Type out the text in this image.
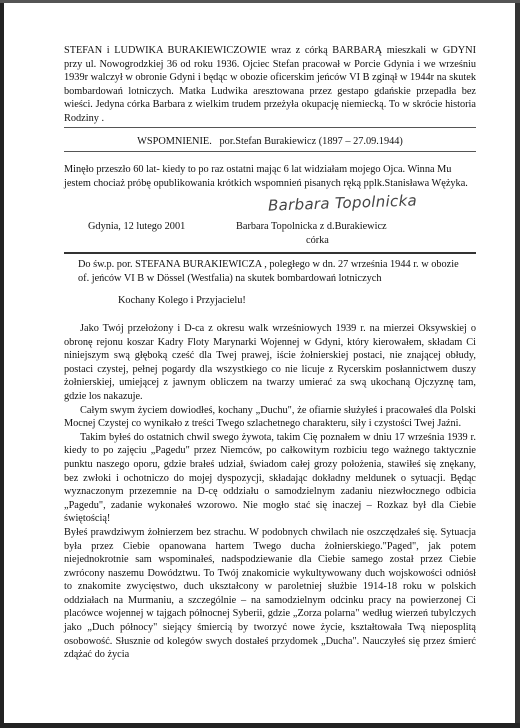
STEFAN i LUDWIKA BURAKIEWICZOWIE wraz z córką BARBARĄ mieszkali w GDYNI przy ul. Nowogrodzkiej 36 od roku 1936. Ojciec Stefan pracował w Porcie Gdynia i we wrześniu 1939r walczył w obronie Gdyni i będąc w obozie oficerskim jeńców VI B zginął w 1944r na skutek bombardowań lotniczych. Matka Ludwika aresztowana przez gestapo gdańskie przepadła bez wieści. Jedyna córka Barbara z wielkim trudem przeżyła okupację niemiecką. To w skrócie historia Rodziny .

WSPOMNIENIE. por.Stefan Burakiewicz (1897 – 27.09.1944)

Minęło przeszło 60 lat- kiedy to po raz ostatni mając 6 lat widziałam mojego Ojca. Winna Mu jestem chociaż próbę opublikowania krótkich wspomnień pisanych ręką pplk.Stanisława Wężyka.

Barbara Topolnicka

Gdynia, 12 lutego 2001	Barbara Topolnicka z d.Burakiewicz

córka

Do św.p. por. STEFANA BURAKIEWICZA , poległego w dn. 27 września 1944 r. w obozie of. jeńców VI B w Dössel (Westfalia) na skutek bombardowań lotniczych

Kochany Kolego i Przyjacielu!

Jako Twój przełożony i D-ca z okresu walk wrześniowych 1939 r. na mierzei Oksywskiej o obronę rejonu koszar Kadry Floty Marynarki Wojennej w Gdyni, który kierowałem, składam Ci niniejszym swą głęboką cześć dla Twej prawej, iście żołnierskiej postaci, nie znającej obłudy, postaci czystej, pełnej pogardy dla wszystkiego co nie licuje z Rycerskim posłannictwem duszy żołnierskiej, umiejącej z jawnym obliczem na twarzy umierać za swą ukochaną Ojczyznę tam, gdzie los nakazuje.

Całym swym życiem dowiodłeś, kochany „Duchu", że ofiarnie służyłeś i pracowałeś dla Polski Mocnej Czystej co wynikało z treści Twego szlachetnego charakteru, siły i czystości Twej Jaźni.

Takim byłeś do ostatnich chwil swego żywota, takim Cię poznałem w dniu 17 września 1939 r. kiedy to po zajęciu „Pagedu" przez Niemców, po całkowitym rozbiciu tego ważnego taktycznie punktu naszego oporu, gdzie brałeś udział, świadom całej grozy położenia, stawiłeś się znękany, bez zwłoki i ochotniczo do mojej dyspozycji, składając dokładny meldunek o sytuacji. Będąc wyznaczonym przezemnie na D-cę oddziału o samodzielnym zadaniu niezwłocznego odbicia „Pagedu", zadanie wykonałeś wzorowo. Nie mogło stać się inaczej – Rozkaz był dla Ciebie świętością!

Byłeś prawdziwym żołnierzem bez strachu. W podobnych chwilach nie oszczędzałeś się. Sytuacja była przez Ciebie opanowana hartem Twego ducha żołnierskiego."Paged", jak potem niejednokrotnie sam wspominałeś, nadspodziewanie dla Ciebie samego został przez Ciebie zwrócony naszemu Dowództwu. To Twój znakomicie wykultywowany duch wojskowości odniósł to znakomite zwycięstwo, duch ukształcony w paroletniej służbie 1914-18 roku w polskich oddziałach na Murmaniu, a szczególnie – na samodzielnym odcinku pracy na powierzonej Ci placówce wojennej w tajgach północnej Syberii, gdzie „Zorza polarna" według wierzeń tubylczych jako „Duch północy" siejący śmiercią by tworzyć nowe życie, kształtowała Twą nieposplitą osobowość. Słusznie od kolegów swych dostałeś przydomek „Ducha". Nauczyłeś się przez śmierć zdążać do życia
